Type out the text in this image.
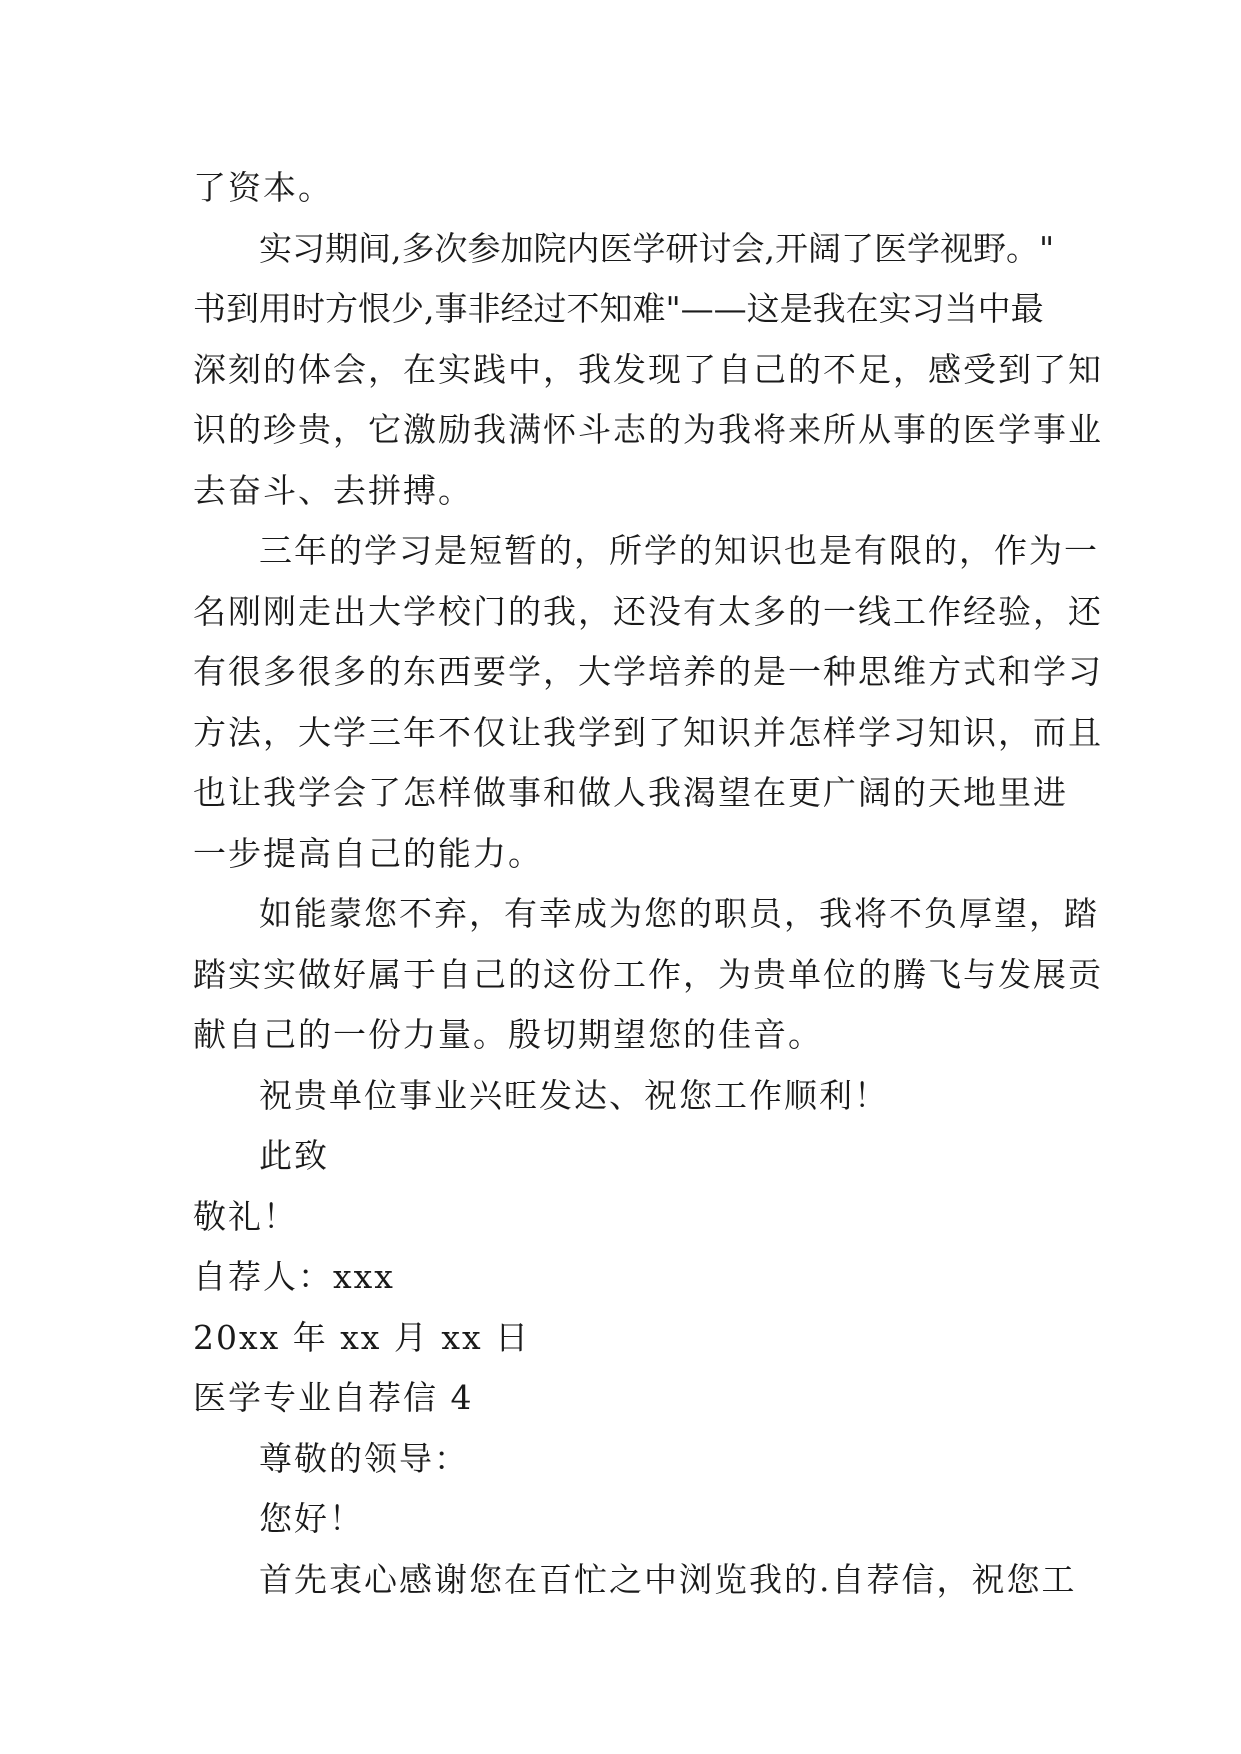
了资本。
实习期间,多次参加院内医学研讨会,开阔了医学视野。"
书到用时方恨少,事非经过不知难"——这是我在实习当中最
深刻的体会，在实践中，我发现了自己的不足，感受到了知
识的珍贵，它激励我满怀斗志的为我将来所从事的医学事业
去奋斗、去拼搏。
三年的学习是短暂的，所学的知识也是有限的，作为一
名刚刚走出大学校门的我，还没有太多的一线工作经验，还
有很多很多的东西要学，大学培养的是一种思维方式和学习
方法，大学三年不仅让我学到了知识并怎样学习知识，而且
也让我学会了怎样做事和做人我渴望在更广阔的天地里进
一步提高自己的能力。
如能蒙您不弃，有幸成为您的职员，我将不负厚望，踏
踏实实做好属于自己的这份工作，为贵单位的腾飞与发展贡
献自己的一份力量。殷切期望您的佳音。
祝贵单位事业兴旺发达、祝您工作顺利！
此致
敬礼！
自荐人：xxx
20xx 年 xx 月 xx 日
医学专业自荐信 4
尊敬的领导：
您好！
首先衷心感谢您在百忙之中浏览我的.自荐信，祝您工
